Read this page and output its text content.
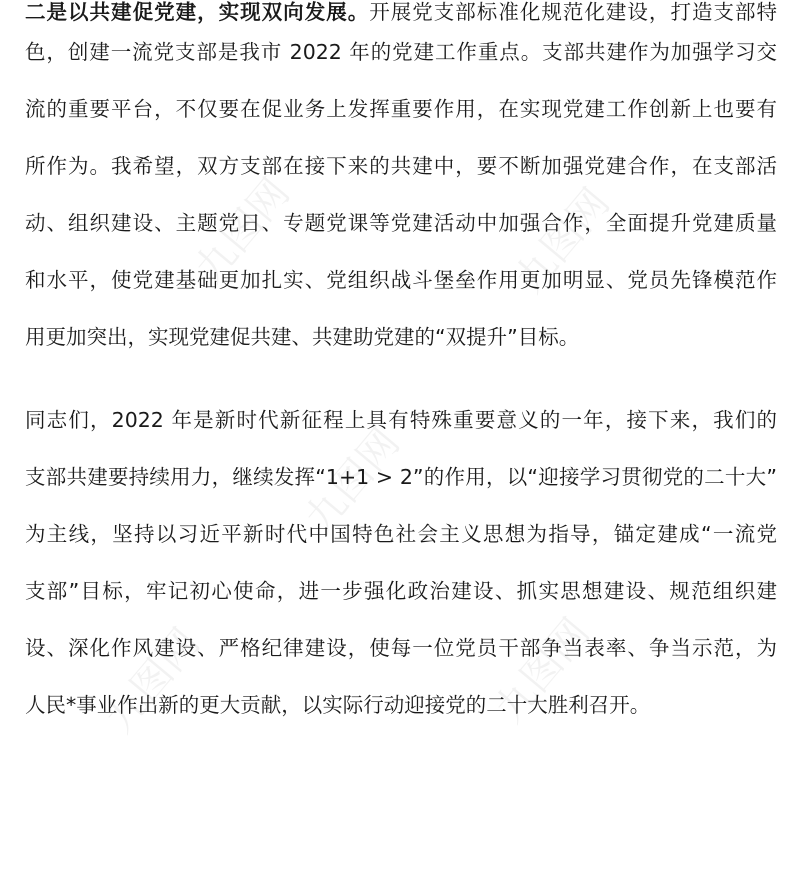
九图网	九图网
九图网
九图网	九图网
二是以共建促党建，实现双向发展。开展党支部标准化规范化建设，打造支部特
色，创建一流党支部是我市 2022 年的党建工作重点。支部共建作为加强学习交
流的重要平台，不仅要在促业务上发挥重要作用，在实现党建工作创新上也要有
所作为。我希望，双方支部在接下来的共建中，要不断加强党建合作，在支部活
动、组织建设、主题党日、专题党课等党建活动中加强合作，全面提升党建质量
和水平，使党建基础更加扎实、党组织战斗堡垒作用更加明显、党员先锋模范作
用更加突出，实现党建促共建、共建助党建的“双提升”目标。
同志们，2022 年是新时代新征程上具有特殊重要意义的一年，接下来，我们的
支部共建要持续用力，继续发挥“1+1 > 2”的作用，以“迎接学习贯彻党的二十大”
为主线，坚持以习近平新时代中国特色社会主义思想为指导，锚定建成“一流党
支部”目标，牢记初心使命，进一步强化政治建设、抓实思想建设、规范组织建
设、深化作风建设、严格纪律建设，使每一位党员干部争当表率、争当示范，为
人民*事业作出新的更大贡献，以实际行动迎接党的二十大胜利召开。
